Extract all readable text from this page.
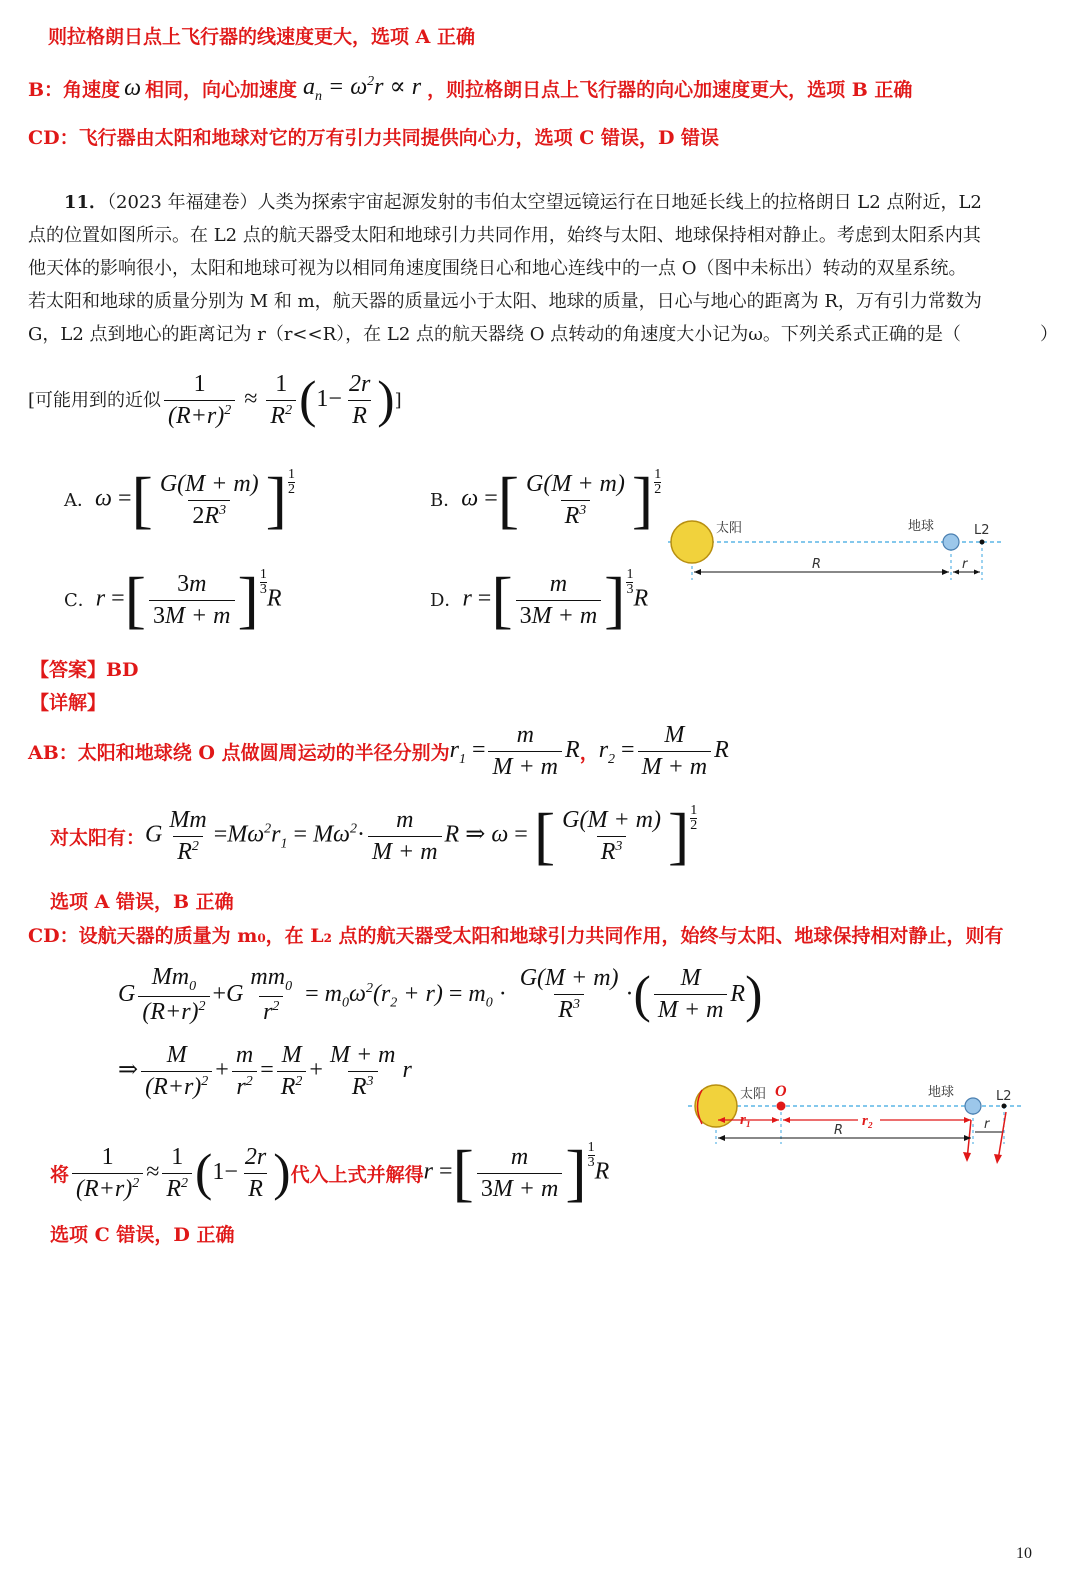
则拉格朗日点上飞行器的线速度更大，选项 A 正确
B：角速度 ω 相同，向心加速度 $a_n = \omega^2r \propto r$ ，则拉格朗日点上飞行器的向心加速度更大，选项 B 正确
CD：飞行器由太阳和地球对它的万有引力共同提供向心力，选项 C 错误，D 错误
11．（2023 年福建卷）人类为探索宇宙起源发射的韦伯太空望远镜运行在日地延长线上的拉格朗日 L2 点附近，L2
点的位置如图所示。在 L2 点的航天器受太阳和地球引力共同作用，始终与太阳、地球保持相对静止。考虑到太阳系内其
他天体的影响很小，太阳和地球可视为以相同角速度围绕日心和地心连线中的一点 O（图中未标出）转动的双星系统。
若太阳和地球的质量分别为 M 和 m，航天器的质量远小于太阳、地球的质量，日心与地心的距离为 R，万有引力常数为
G，L2 点到地心的距离记为 r（r<<R），在 L2 点的航天器绕 O 点转动的角速度大小记为ω。下列关系式正确的是（	）
[可能用到的近似 $\frac{1}{(R+r)^2} \approx \frac{1}{R^2} (1- \frac{2r}{R}$ ) ]
A． ω =[ $\frac{G(M + m)}{2R^3}$ ] $\frac{1}{2}$
B． ω =[ $\frac{G(M + m)}{R^3}$ ] $\frac{1}{2}$
C． r =[ $\frac{3m}{3M + m}$ ] $\frac{1}{3}$
R	D． r =[ $\frac{m}{3M + m}$ ] $\frac{1}{3}$
R
太阳	地球	L2
R	r
【答案】BD
【详解】
AB：太阳和地球绕 O 点做圆周运动的半径分别为 $r_1 = \frac{m}{M + m}$ R ， $r_2 = \frac{M}{M + m}$ R
对太阳有： G $\frac{Mm}{R^2} =M\omega^2r_1 = M\omega^2\cdot \frac{m}{M + m}$ R ⇒ ω = [ $\frac{G(M + m)}{R^3}$ ] $\frac{1}{2}$
选项 A 错误，B 正确
CD：设航天器的质量为 m₀，在 L₂ 点的航天器受太阳和地球引力共同作用，始终与太阳、地球保持相对静止，则有
G $\frac{Mm_0}{(R+r)^2} +G \frac{mm_0}{r^2} = m_0\omega^2(r_2 + r) = m_0 \cdot \frac{G(M + m)}{R^3}$ ·( $\frac{M}{M + m} R$)
⇒ $\frac{M}{(R+r)^2} + \frac{m}{r^2} = \frac{M}{R^2} + \frac{M + m}{R^3}$ r
太阳 O	地球	L2
r₁	r₂
R	r
将 $\frac{1}{(R+r)^2} \approx \frac{1}{R^2} (1- \frac{2r}{R}$ ) 代入上式并解得 r =[ $\frac{m}{3M + m}$ ] $\frac{1}{3}$
R
选项 C 错误，D 正确
10
